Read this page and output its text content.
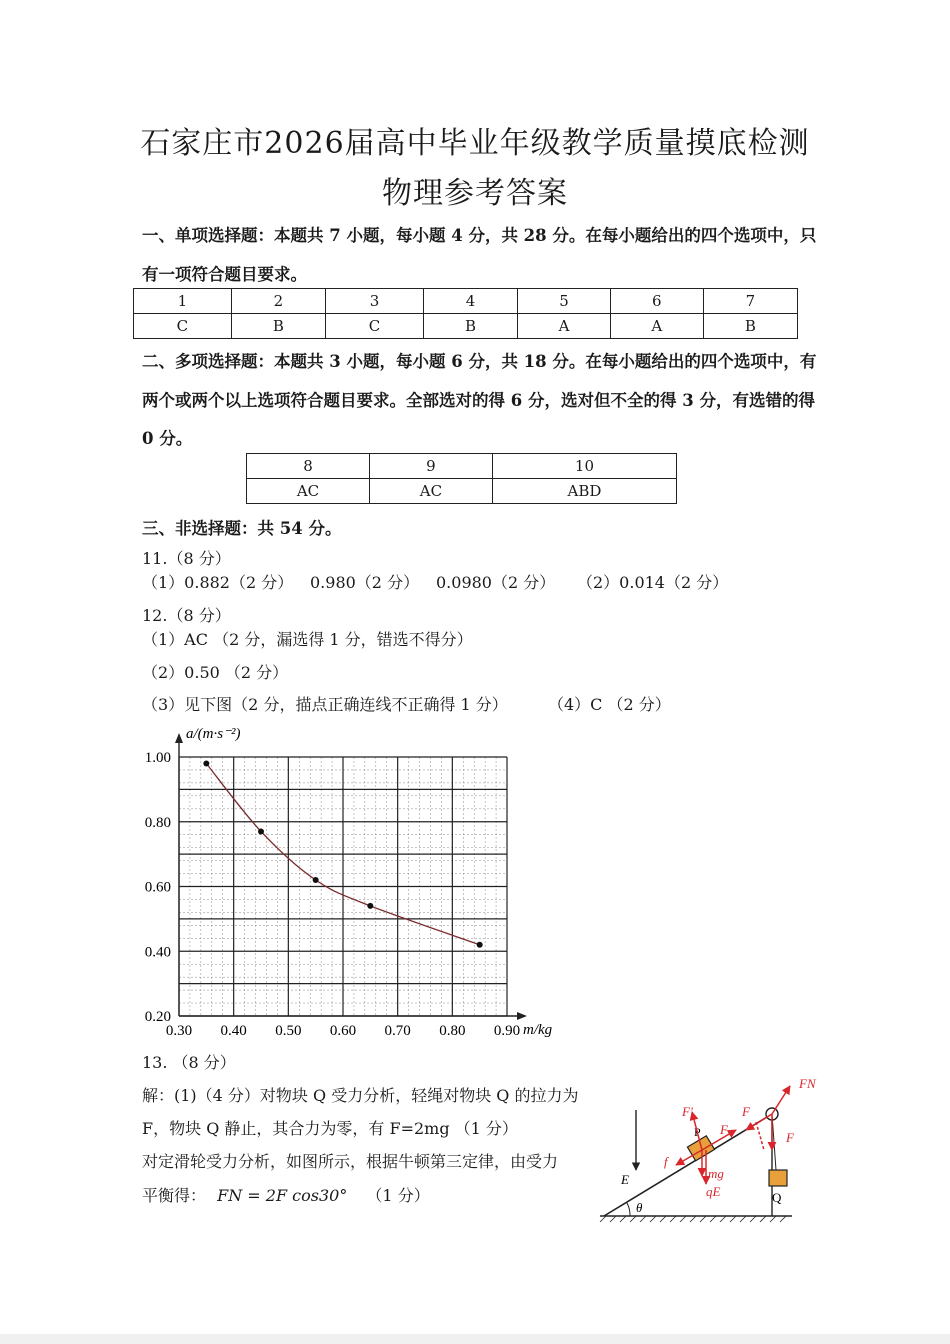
石家庄市2026届高中毕业年级教学质量摸底检测
物理参考答案
一、单项选择题：本题共 7 小题，每小题 4 分，共 28 分。在每小题给出的四个选项中，只
有一项符合题目要求。
1	2	3	4	5	6	7
C	B	C	B	A	A	B
二、多项选择题：本题共 3 小题，每小题 6 分，共 18 分。在每小题给出的四个选项中，有
两个或两个以上选项符合题目要求。全部选对的得 6 分，选对但不全的得 3 分，有选错的得
0 分。
8	9	10
AC	AC	ABD
三、非选择题：共 54 分。
11.（8 分）
（1）0.882（2 分） 0.980（2 分） 0.0980（2 分） （2）0.014（2 分）
12.（8 分）
（1）AC （2 分，漏选得 1 分，错选不得分）
（2）0.50 （2 分）
（3）见下图（2 分，描点正确连线不正确得 1 分）	（4）C （2 分）
0.20
0.40
0.60
0.80
1.00
0.30 0.40 0.50 0.60 0.70 0.80 0.90
a/(m·s⁻²)
m/kg
13. （8 分）
解：(1)（4 分）对物块 Q 受力分析，轻绳对物块 Q 的拉力为
F，物块 Q 静止，其合力为零，有 F=2mg （1 分）
对定滑轮受力分析，如图所示，根据牛顿第三定律，由受力
平衡得： FN = 2F cos30° （1 分）
θ
E
Q
P
FN
F'	F
F
F
f
mg
qE
